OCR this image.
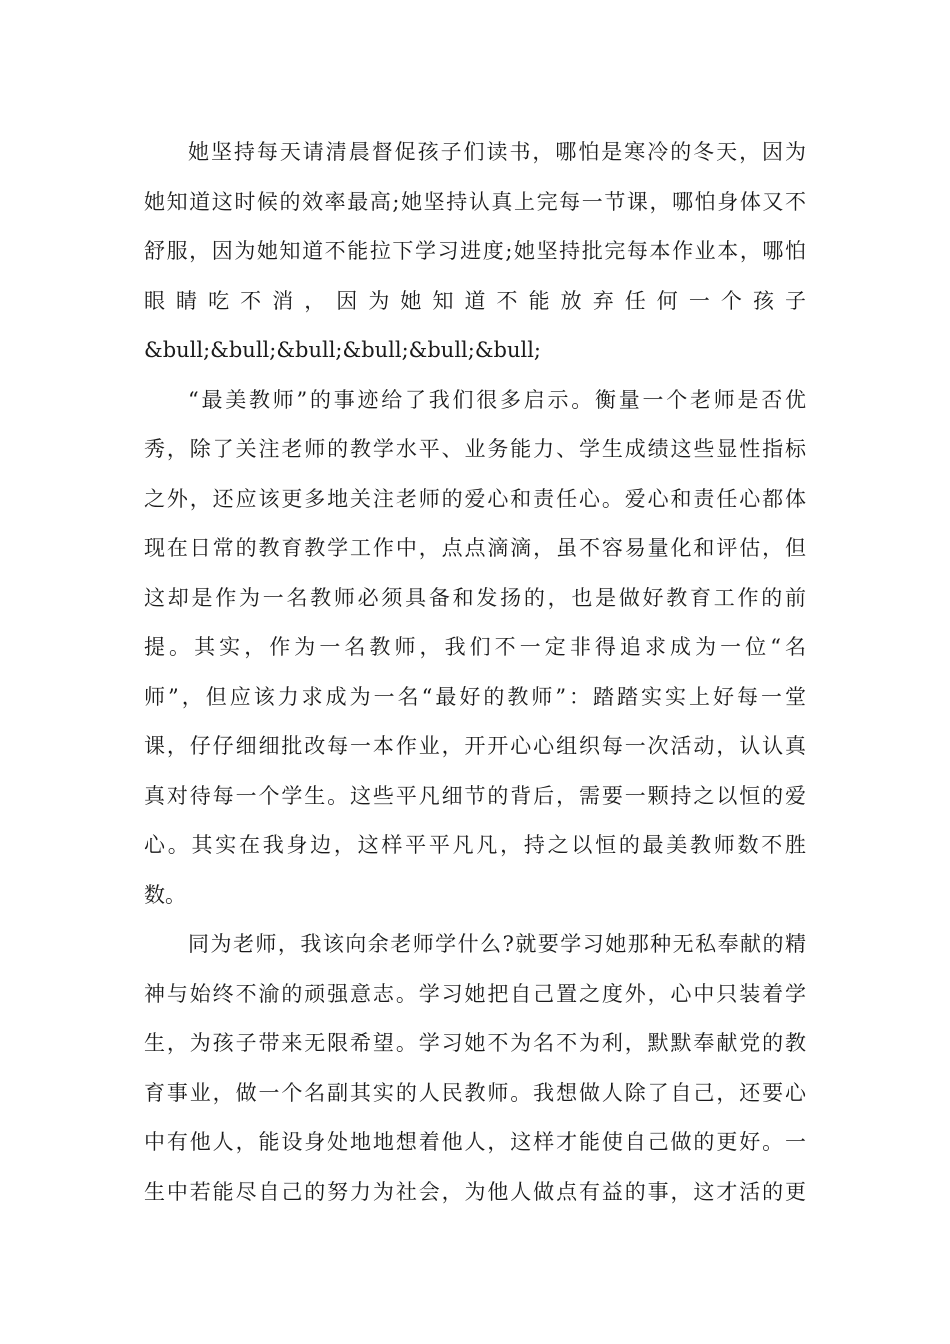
她坚持每天请清晨督促孩子们读书，哪怕是寒冷的冬天，因为
她知道这时候的效率最高;她坚持认真上完每一节课，哪怕身体又不
舒服，因为她知道不能拉下学习进度;她坚持批完每本作业本，哪怕
眼睛吃不消，因为她知道不能放弃任何一个孩子
&bull;&bull;&bull;&bull;&bull;&bull;
“最美教师”的事迹给了我们很多启示。衡量一个老师是否优
秀，除了关注老师的教学水平、业务能力、学生成绩这些显性指标
之外，还应该更多地关注老师的爱心和责任心。爱心和责任心都体
现在日常的教育教学工作中，点点滴滴，虽不容易量化和评估，但
这却是作为一名教师必须具备和发扬的，也是做好教育工作的前
提。其实，作为一名教师，我们不一定非得追求成为一位“名
师”，但应该力求成为一名“最好的教师”：踏踏实实上好每一堂
课，仔仔细细批改每一本作业，开开心心组织每一次活动，认认真
真对待每一个学生。这些平凡细节的背后，需要一颗持之以恒的爱
心。其实在我身边，这样平平凡凡，持之以恒的最美教师数不胜
数。
同为老师，我该向余老师学什么?就要学习她那种无私奉献的精
神与始终不渝的顽强意志。学习她把自己置之度外，心中只装着学
生，为孩子带来无限希望。学习她不为名不为利，默默奉献党的教
育事业，做一个名副其实的人民教师。我想做人除了自己，还要心
中有他人，能设身处地地想着他人，这样才能使自己做的更好。一
生中若能尽自己的努力为社会，为他人做点有益的事，这才活的更
